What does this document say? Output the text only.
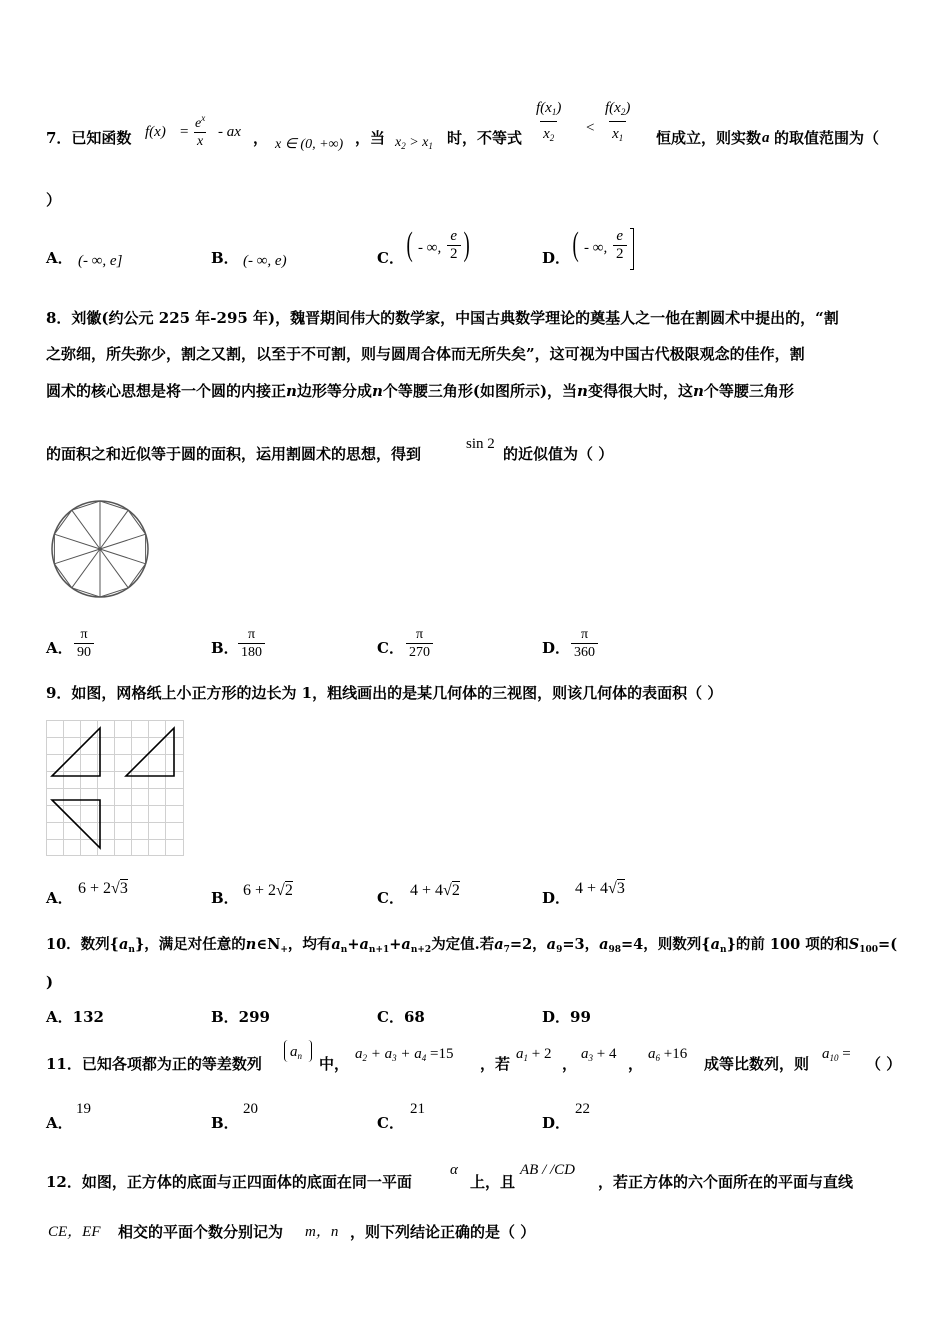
7．已知函数 $f(x) = \frac{e^x}{x}$ - ax ， x ∈ (0, +∞) ，当 $x_2 > x_1$ 时，不等式 $\frac{f(x_1)}{x_2} < \frac{f(x_2)}{x_1}$ 恒成立，则实数 a 的取值范围为（
）
A． (- ∞, e]	B． (- ∞, e)	C． ( - ∞, $\frac{e}{2}$ )	D． ( - ∞, $\frac{e}{2}$
8．刘徽(约公元 225 年-295 年)，魏晋期间伟大的数学家，中国古典数学理论的奠基人之一他在割圆术中提出的，“割
之弥细，所失弥少，割之又割，以至于不可割，则与圆周合体而无所失矣”，这可视为中国古代极限观念的佳作，割
圆术的核心思想是将一个圆的内接正n边形等分成n个等腰三角形(如图所示)，当n变得很大时，这n个等腰三角形
的面积之和近似等于圆的面积，运用割圆术的思想，得到
sin 2
的近似值为（ ）
A． $\frac{\pi}{90}$	B． $\frac{\pi}{180}$	C． $\frac{\pi}{270}$	D． $\frac{\pi}{360}$
9．如图，网格纸上小正方形的边长为 1，粗线画出的是某几何体的三视图，则该几何体的表面积（ ）
A．
6 + 2√3
B． 6 + 2√2	C． 4 + 4√2	D．
4 + 4√3
10．数列$\{a_n\}$，满足对任意的$n\in N_+$，均有$a_n+a_{n+1}+a_{n+2}$为定值.若$a_7=2$，$a_9=3$，$a_{98}=4$，则数列$\{a_n\}$的前 100 项的和$S_{100}=$(
)
A．132	B．299	C．68	D．99
11．已知各项都为正的等差数列
$a_n$ 中，
$a_2 + a_3 + a_4 =15$
，若
$a_1 + 2$
，
$a_3 + 4$
，
$a_6 +16$
成等比数列，则
$a_{10}$ =
（ ）
A．
19
B．
20
C．
21
D．
22
12．如图，正方体的底面与正四面体的底面在同一平面
α
上，且
AB / /CD
，若正方体的六个面所在的平面与直线
CE，EF 相交的平面个数分别记为 m，n ，则下列结论正确的是（ ）
